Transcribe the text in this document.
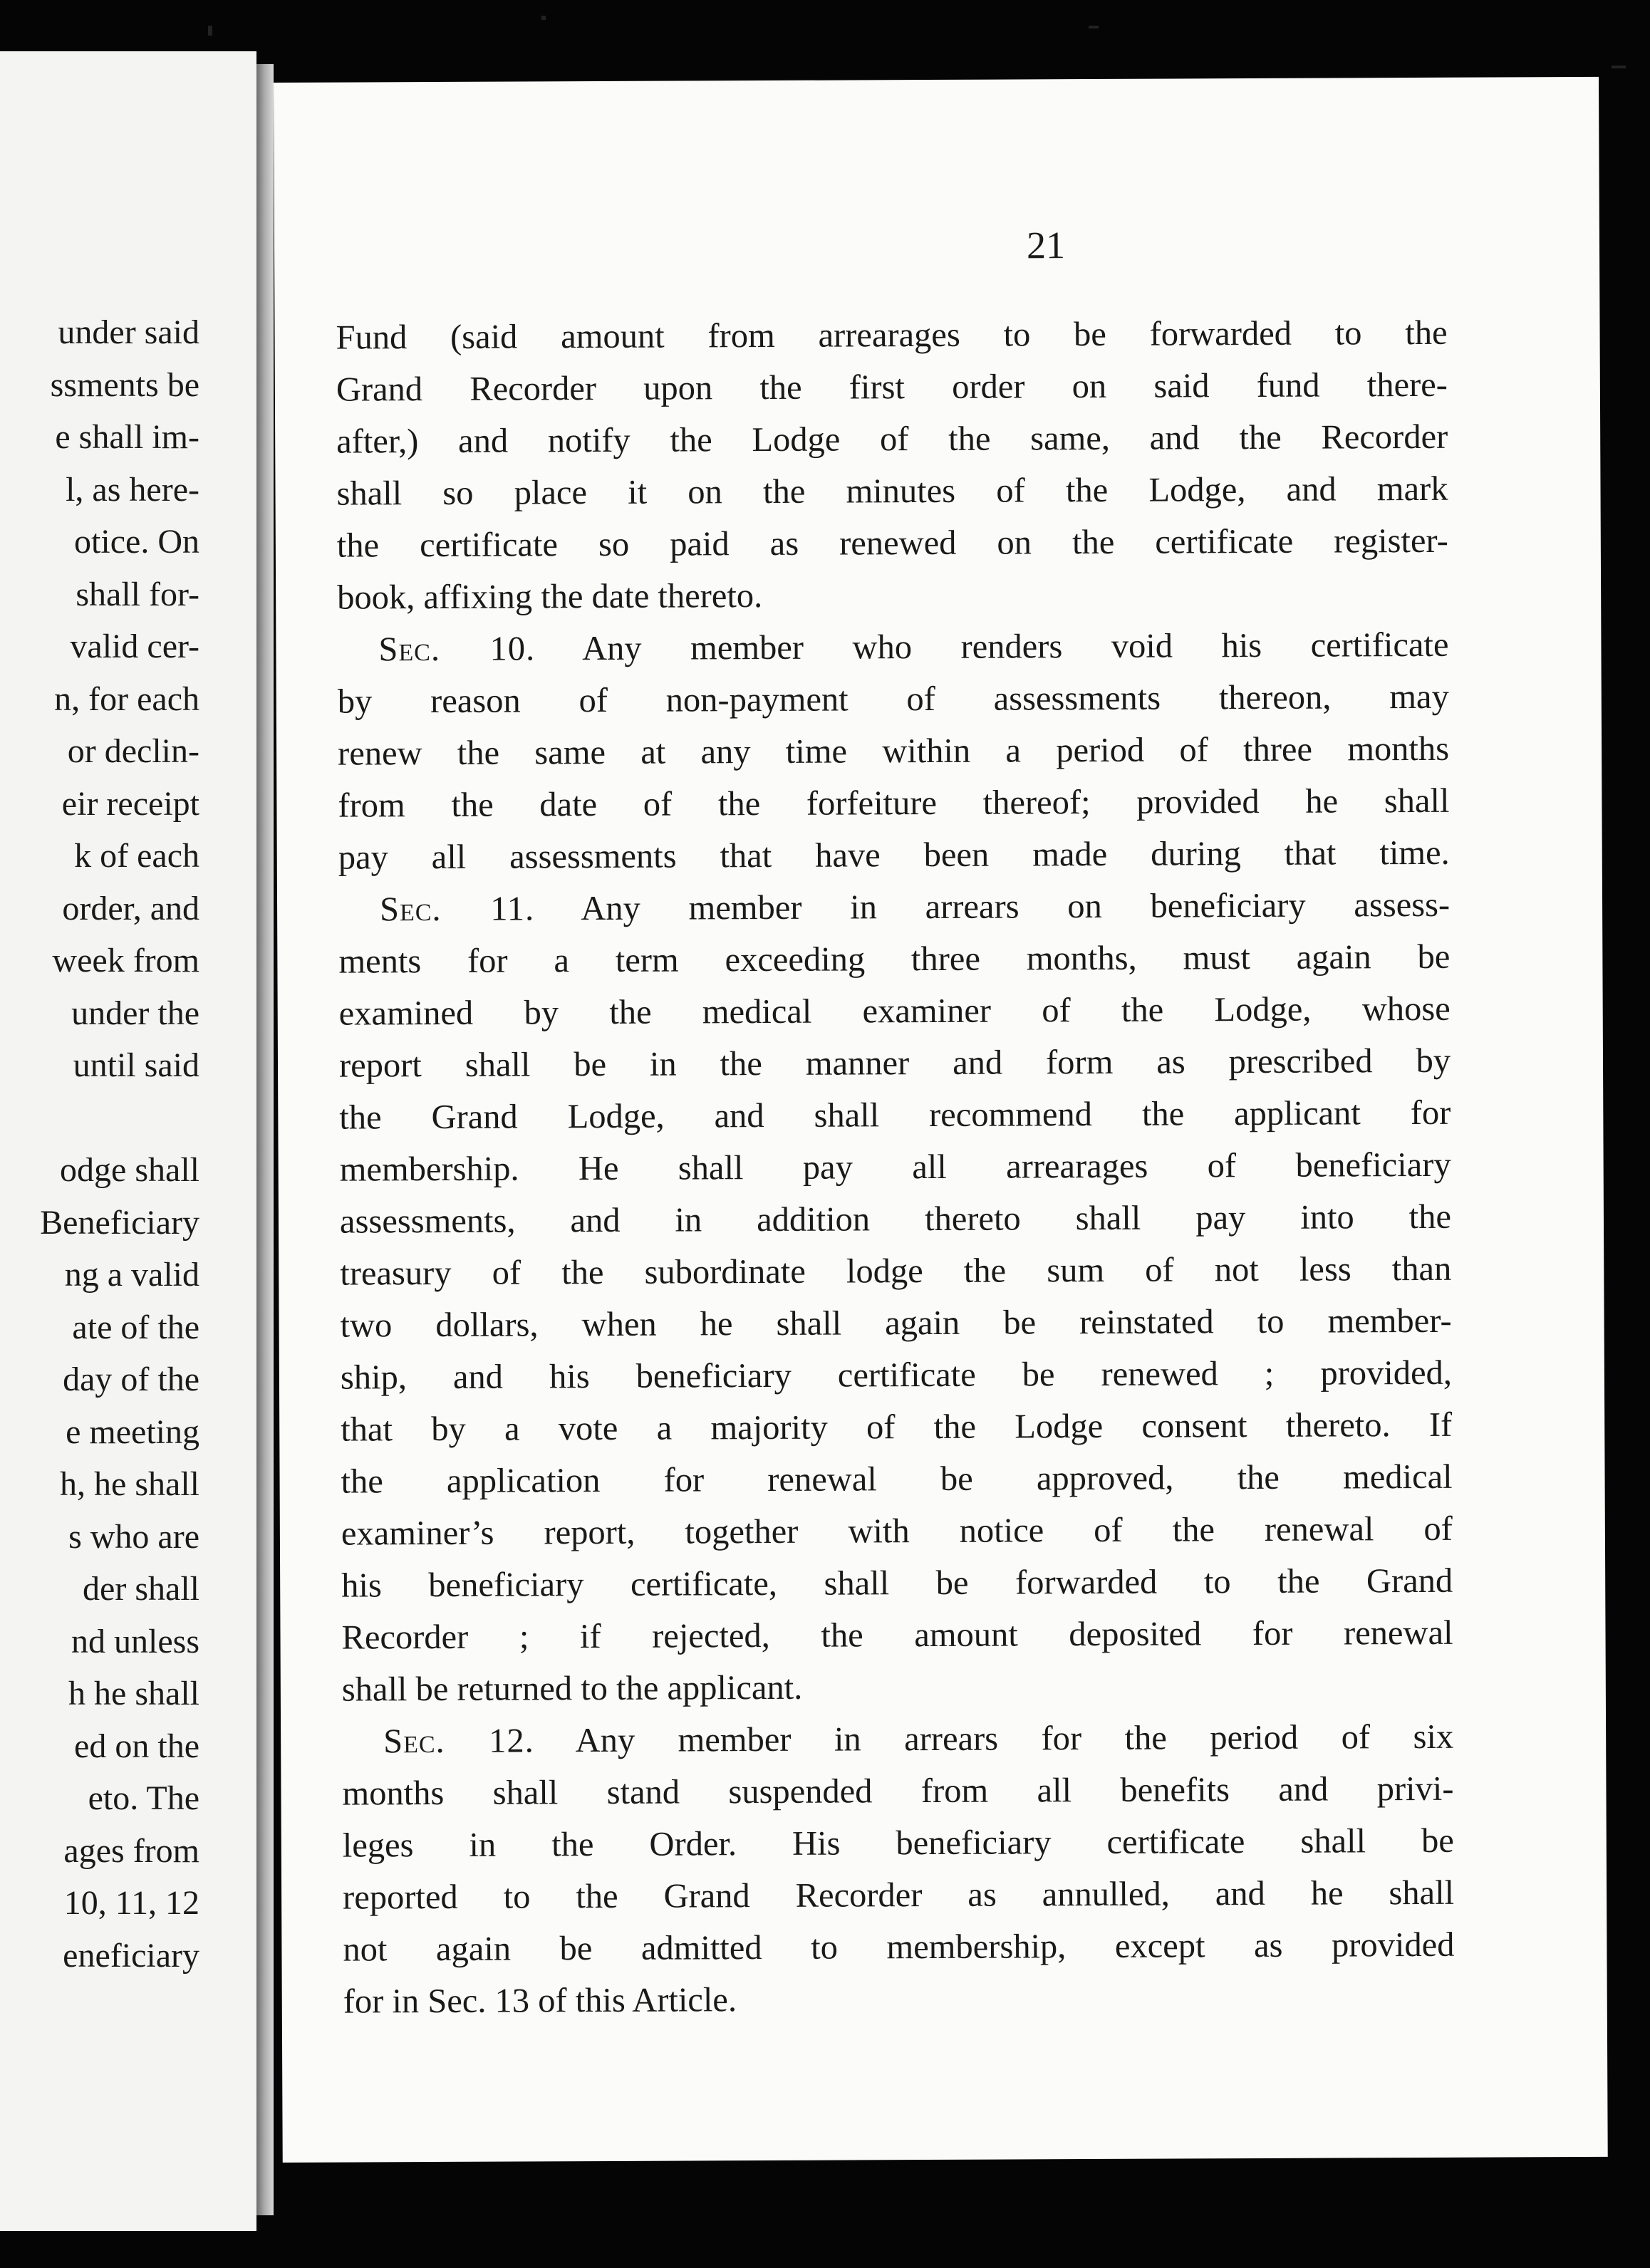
under said
ssments be
e shall im-
l, as here-
otice. On
shall for-
valid cer-
n, for each
or declin-
eir receipt
k of each
order, and
week from
under the
until said
odge shall
Beneficiary
ng a valid
ate of the
day of the
e meeting
h, he shall
s who are
der shall
nd unless
h he shall
ed on the
eto. The
ages from
10, 11, 12
eneficiary
21
Fund (said amount from arrearages to be forwarded to the
Grand Recorder upon the first order on said fund there-
after,) and notify the Lodge of the same, and the Recorder
shall so place it on the minutes of the Lodge, and mark
the certificate so paid as renewed on the certificate register-
book, affixing the date thereto.
Sec. 10. Any member who renders void his certificate
by reason of non-payment of assessments thereon, may
renew the same at any time within a period of three months
from the date of the forfeiture thereof; provided he shall
pay all assessments that have been made during that time.
Sec. 11. Any member in arrears on beneficiary assess-
ments for a term exceeding three months, must again be
examined by the medical examiner of the Lodge, whose
report shall be in the manner and form as prescribed by
the Grand Lodge, and shall recommend the applicant for
membership. He shall pay all arrearages of beneficiary
assessments, and in addition thereto shall pay into the
treasury of the subordinate lodge the sum of not less than
two dollars, when he shall again be reinstated to member-
ship, and his beneficiary certificate be renewed ; provided,
that by a vote a majority of the Lodge consent thereto. If
the application for renewal be approved, the medical
examiner’s report, together with notice of the renewal of
his beneficiary certificate, shall be forwarded to the Grand
Recorder ; if rejected, the amount deposited for renewal
shall be returned to the applicant.
Sec. 12. Any member in arrears for the period of six
months shall stand suspended from all benefits and privi-
leges in the Order. His beneficiary certificate shall be
reported to the Grand Recorder as annulled, and he shall
not again be admitted to membership, except as provided
for in Sec. 13 of this Article.
